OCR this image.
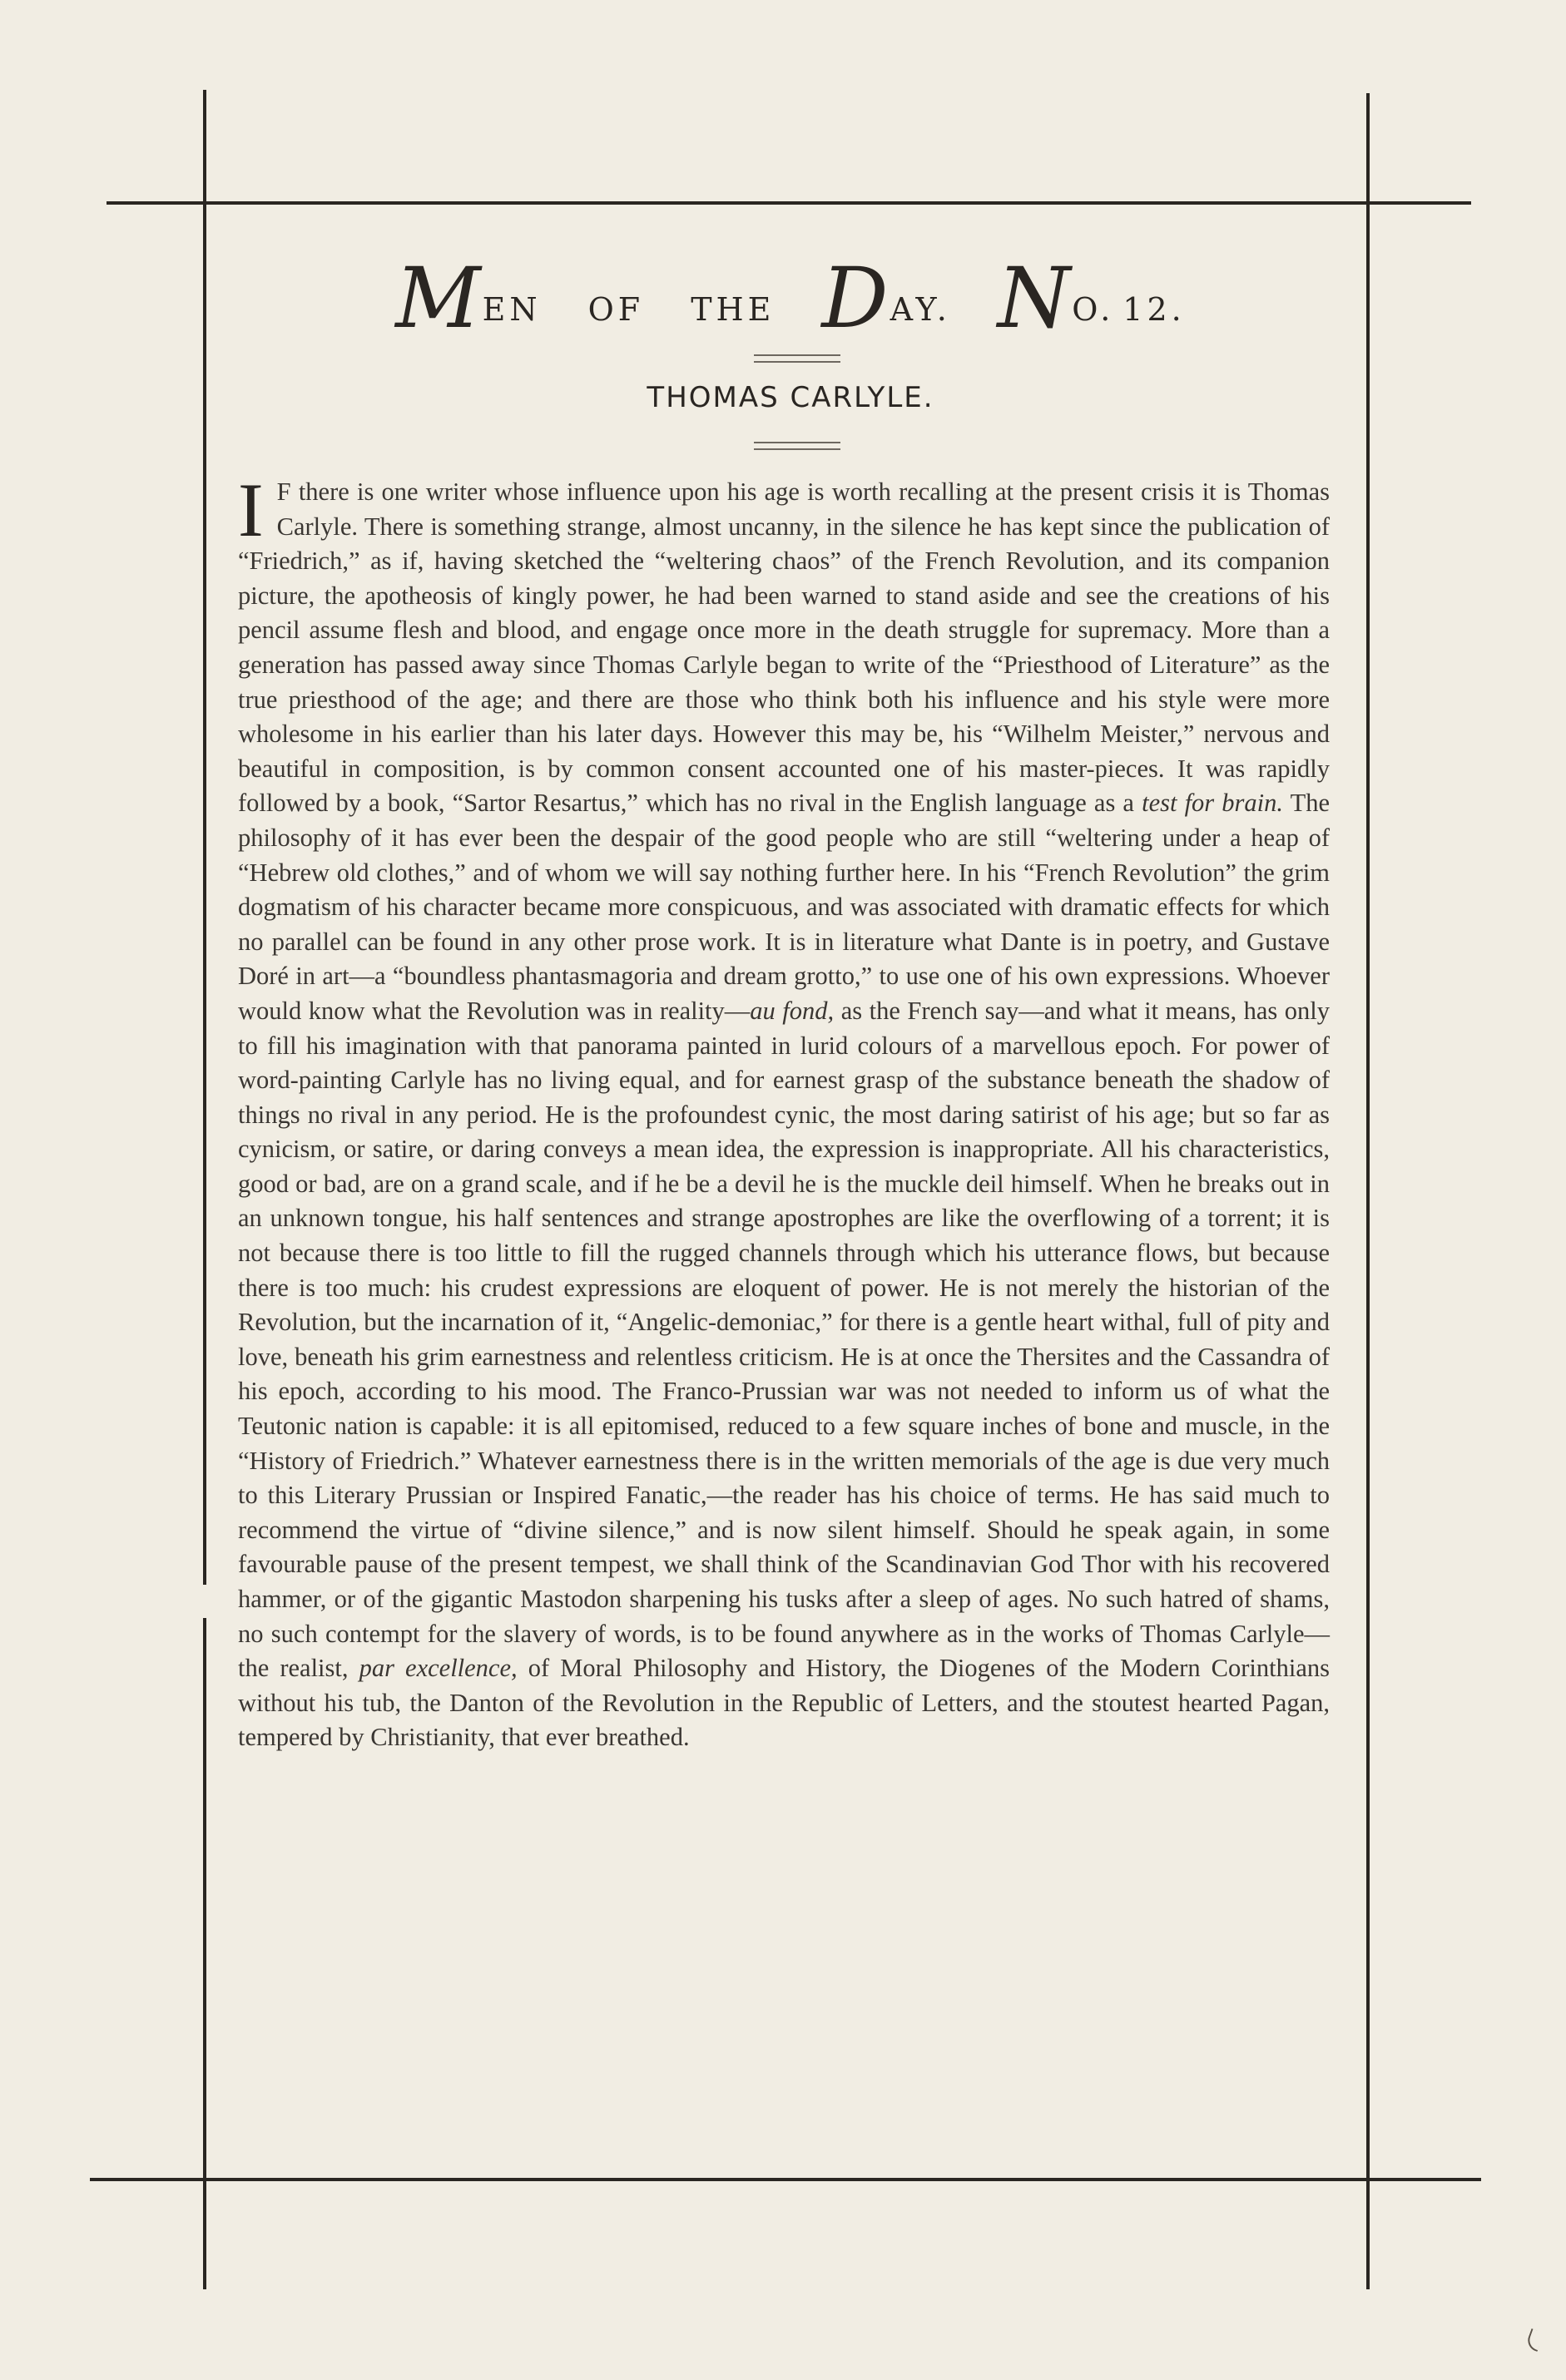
MEN OF THE DAY. NO. 12.
THOMAS CARLYLE.
I F there is one writer whose influence upon his age is worth recalling at the present crisis it is Thomas Carlyle. There is something strange, almost uncanny, in the silence he has kept since the publication of “Friedrich,” as if, having sketched the “weltering chaos” of the French Revolution, and its companion picture, the apotheosis of kingly power, he had been warned to stand aside and see the creations of his pencil assume flesh and blood, and engage once more in the death struggle for supremacy. More than a generation has passed away since Thomas Carlyle began to write of the “Priesthood of Literature” as the true priesthood of the age; and there are those who think both his influence and his style were more wholesome in his earlier than his later days. However this may be, his “Wilhelm Meister,” nervous and beautiful in composition, is by common consent accounted one of his master-pieces. It was rapidly followed by a book, “Sartor Resartus,” which has no rival in the English language as a test for brain. The philosophy of it has ever been the despair of the good people who are still “weltering under a heap of “Hebrew old clothes,” and of whom we will say nothing further here. In his “French Revolution” the grim dogmatism of his character became more conspicuous, and was associated with dramatic effects for which no parallel can be found in any other prose work. It is in literature what Dante is in poetry, and Gustave Doré in art—a “boundless phantasmagoria and dream grotto,” to use one of his own expressions. Whoever would know what the Revolution was in reality—au fond, as the French say—and what it means, has only to fill his imagination with that panorama painted in lurid colours of a marvellous epoch. For power of word-painting Carlyle has no living equal, and for earnest grasp of the substance beneath the shadow of things no rival in any period. He is the profoundest cynic, the most daring satirist of his age; but so far as cynicism, or satire, or daring conveys a mean idea, the expression is inappropriate. All his characteristics, good or bad, are on a grand scale, and if he be a devil he is the muckle deil himself. When he breaks out in an unknown tongue, his half sentences and strange apostrophes are like the overflowing of a torrent; it is not because there is too little to fill the rugged channels through which his utterance flows, but because there is too much: his crudest expressions are eloquent of power. He is not merely the historian of the Revolution, but the incarnation of it, “Angelic-demoniac,” for there is a gentle heart withal, full of pity and love, beneath his grim earnestness and relentless criticism. He is at once the Thersites and the Cassandra of his epoch, according to his mood. The Franco-Prussian war was not needed to inform us of what the Teutonic nation is capable: it is all epitomised, reduced to a few square inches of bone and muscle, in the “History of Friedrich.” Whatever earnestness there is in the written memorials of the age is due very much to this Literary Prussian or Inspired Fanatic,—the reader has his choice of terms. He has said much to recommend the virtue of “divine silence,” and is now silent himself. Should he speak again, in some favourable pause of the present tempest, we shall think of the Scandinavian God Thor with his recovered hammer, or of the gigantic Mastodon sharpening his tusks after a sleep of ages. No such hatred of shams, no such contempt for the slavery of words, is to be found anywhere as in the works of Thomas Carlyle—the realist, par excellence, of Moral Philosophy and History, the Diogenes of the Modern Corinthians without his tub, the Danton of the Revolution in the Republic of Letters, and the stoutest hearted Pagan, tempered by Christianity, that ever breathed.
